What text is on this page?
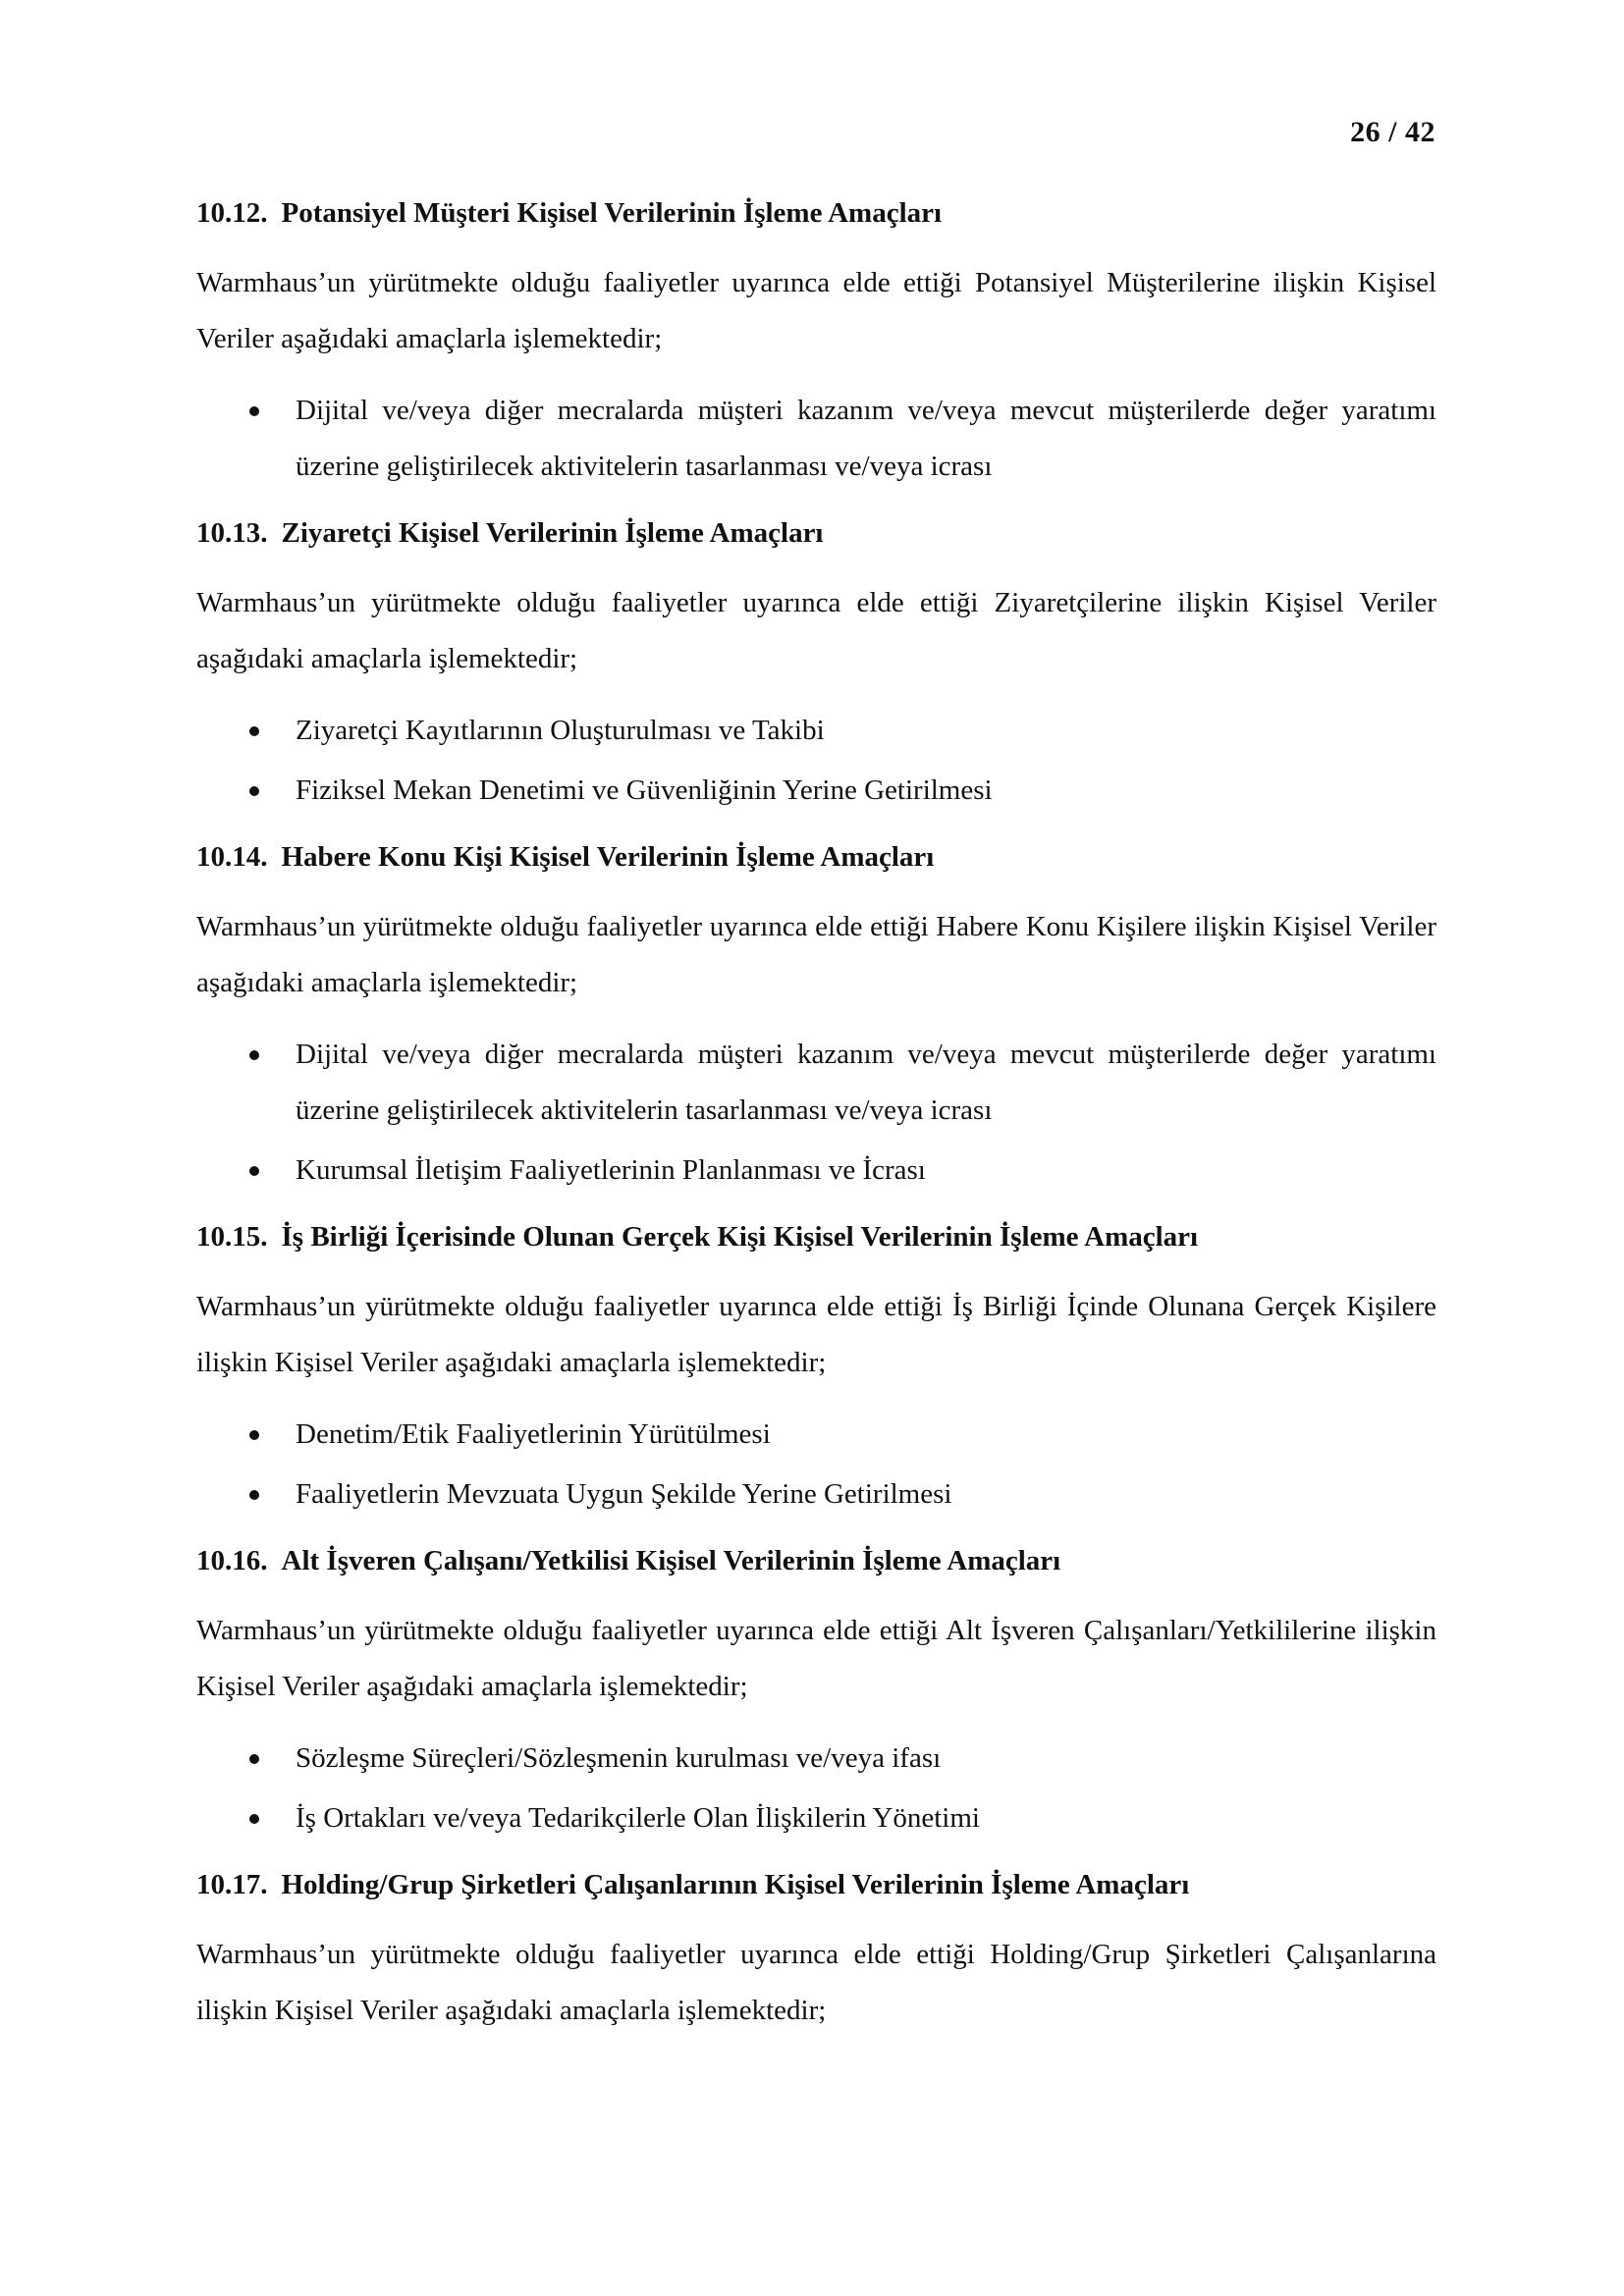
26 / 42
10.12. Potansiyel Müşteri Kişisel Verilerinin İşleme Amaçları

Warmhaus’un yürütmekte olduğu faaliyetler uyarınca elde ettiği Potansiyel Müşterilerine ilişkin Kişisel Veriler aşağıdaki amaçlarla işlemektedir;

Dijital ve/veya diğer mecralarda müşteri kazanım ve/veya mevcut müşterilerde değer yaratımı üzerine geliştirilecek aktivitelerin tasarlanması ve/veya icrası
10.13. Ziyaretçi Kişisel Verilerinin İşleme Amaçları

Warmhaus’un yürütmekte olduğu faaliyetler uyarınca elde ettiği Ziyaretçilerine ilişkin Kişisel Veriler aşağıdaki amaçlarla işlemektedir;

Ziyaretçi Kayıtlarının Oluşturulması ve Takibi
Fiziksel Mekan Denetimi ve Güvenliğinin Yerine Getirilmesi
10.14. Habere Konu Kişi Kişisel Verilerinin İşleme Amaçları

Warmhaus’un yürütmekte olduğu faaliyetler uyarınca elde ettiği Habere Konu Kişilere ilişkin Kişisel Veriler aşağıdaki amaçlarla işlemektedir;

Dijital ve/veya diğer mecralarda müşteri kazanım ve/veya mevcut müşterilerde değer yaratımı üzerine geliştirilecek aktivitelerin tasarlanması ve/veya icrası
Kurumsal İletişim Faaliyetlerinin Planlanması ve İcrası
10.15. İş Birliği İçerisinde Olunan Gerçek Kişi Kişisel Verilerinin İşleme Amaçları

Warmhaus’un yürütmekte olduğu faaliyetler uyarınca elde ettiği İş Birliği İçinde Olunana Gerçek Kişilere ilişkin Kişisel Veriler aşağıdaki amaçlarla işlemektedir;

Denetim/Etik Faaliyetlerinin Yürütülmesi
Faaliyetlerin Mevzuata Uygun Şekilde Yerine Getirilmesi
10.16. Alt İşveren Çalışanı/Yetkilisi Kişisel Verilerinin İşleme Amaçları

Warmhaus’un yürütmekte olduğu faaliyetler uyarınca elde ettiği Alt İşveren Çalışanları/Yetkililerine ilişkin Kişisel Veriler aşağıdaki amaçlarla işlemektedir;

Sözleşme Süreçleri/Sözleşmenin kurulması ve/veya ifası
İş Ortakları ve/veya Tedarikçilerle Olan İlişkilerin Yönetimi
10.17. Holding/Grup Şirketleri Çalışanlarının Kişisel Verilerinin İşleme Amaçları

Warmhaus’un yürütmekte olduğu faaliyetler uyarınca elde ettiği Holding/Grup Şirketleri Çalışanlarına ilişkin Kişisel Veriler aşağıdaki amaçlarla işlemektedir;
